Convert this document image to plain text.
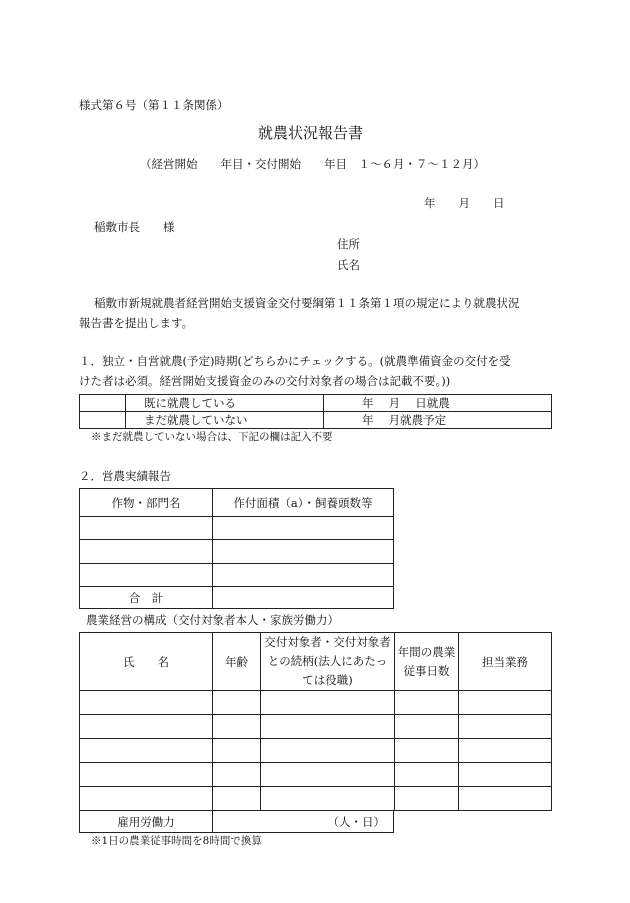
様式第６号（第１１条関係）
就農状況報告書
（経営開始　　年目・交付開始　　年目　１～６月・７～１２月）
年　　月　　日
稲敷市長　　様
住所
氏名
稲敷市新規就農者経営開始支援資金交付要綱第１１条第１項の規定により就農状況
報告書を提出します。
１．独立・自営就農(予定)時期(どちらかにチェックする。(就農準備資金の交付を受
けた者は必須。経営開始支援資金のみの交付対象者の場合は記載不要。))
	既に就農している	年　 月　 日就農
	まだ就農していない	年　 月就農予定
※まだ就農していない場合は、下記の欄は記入不要
２．営農実績報告
作物・部門名	作付面積（a）・飼養頭数等

合　計	
農業経営の構成（交付対象者本人・家族労働力）
氏　　名	年齢	交付対象者・交付対象者との続柄(法人にあたっては役職)	年間の農業従事日数	担当業務

雇用労働力	（人・日）
※1日の農業従事時間を8時間で換算
